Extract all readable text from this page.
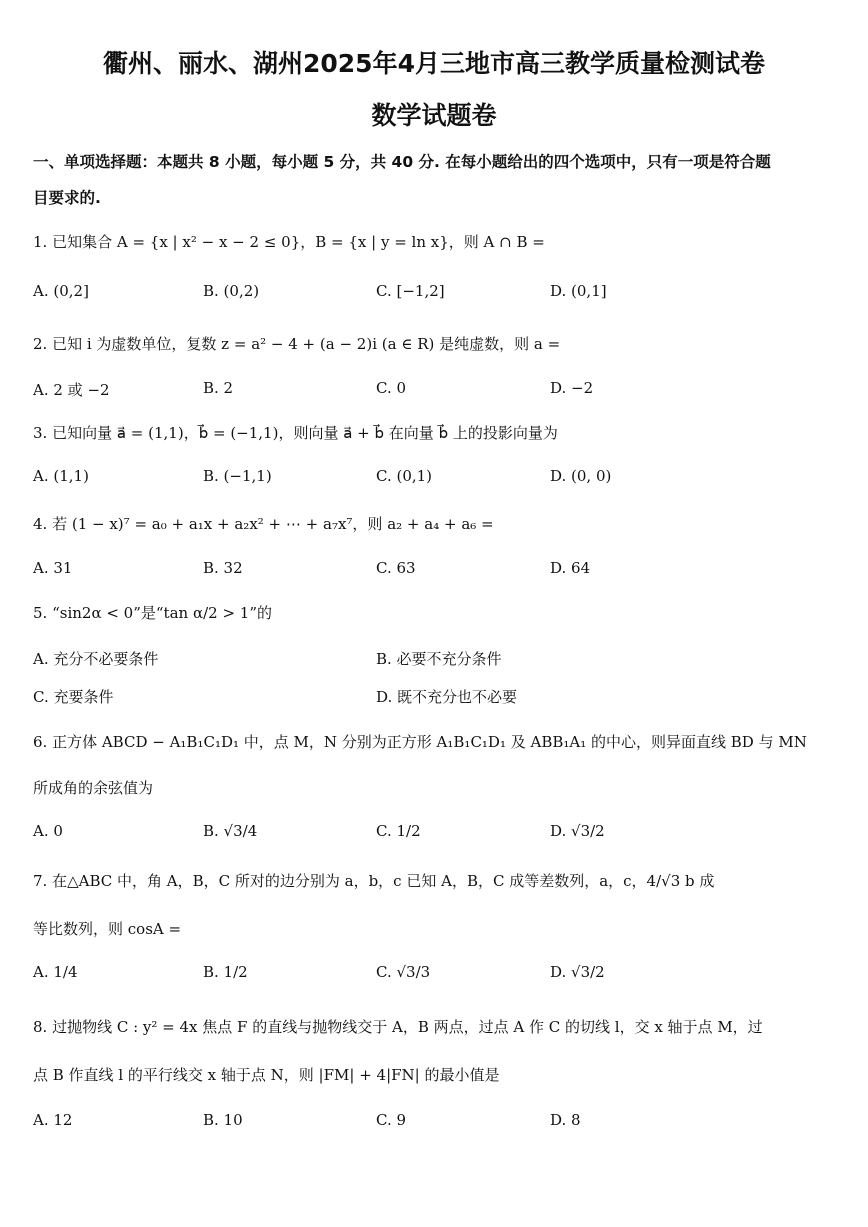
衢州、丽水、湖州2025年4月三地市高三教学质量检测试卷
数学试题卷
一、单项选择题：本题共 8 小题，每小题 5 分，共 40 分. 在每小题给出的四个选项中，只有一项是符合题
目要求的.
1. 已知集合 A = {x | x² − x − 2 ≤ 0}，B = {x | y = ln x}，则 A ∩ B =
A. (0,2]	B. (0,2)	C. [−1,2]	D. (0,1]
2. 已知 i 为虚数单位，复数 z = a² − 4 + (a − 2)i (a ∈ R) 是纯虚数，则 a =
A. 2 或 −2	B. 2	C. 0	D. −2
3. 已知向量 a⃗ = (1,1)，b⃗ = (−1,1)，则向量 a⃗ + b⃗ 在向量 b⃗ 上的投影向量为
A. (1,1)	B. (−1,1)	C. (0,1)	D. (0, 0)
4. 若 (1 − x)⁷ = a₀ + a₁x + a₂x² + ⋯ + a₇x⁷，则 a₂ + a₄ + a₆ =
A. 31	B. 32	C. 63	D. 64
5. “sin2α < 0”是“tan α/2 > 1”的
A. 充分不必要条件	B. 必要不充分条件
C. 充要条件	D. 既不充分也不必要
6. 正方体 ABCD − A₁B₁C₁D₁ 中，点 M，N 分别为正方形 A₁B₁C₁D₁ 及 ABB₁A₁ 的中心，则异面直线 BD 与 MN
所成角的余弦值为
A. 0	B. √3/4	C. 1/2	D. √3/2
7. 在△ABC 中，角 A，B，C 所对的边分别为 a，b，c 已知 A，B，C 成等差数列，a，c，4/√3 b 成
等比数列，则 cosA =
A. 1/4	B. 1/2	C. √3/3	D. √3/2
8. 过抛物线 C : y² = 4x 焦点 F 的直线与抛物线交于 A，B 两点，过点 A 作 C 的切线 l，交 x 轴于点 M，过
点 B 作直线 l 的平行线交 x 轴于点 N，则 |FM| + 4|FN| 的最小值是
A. 12	B. 10	C. 9	D. 8
